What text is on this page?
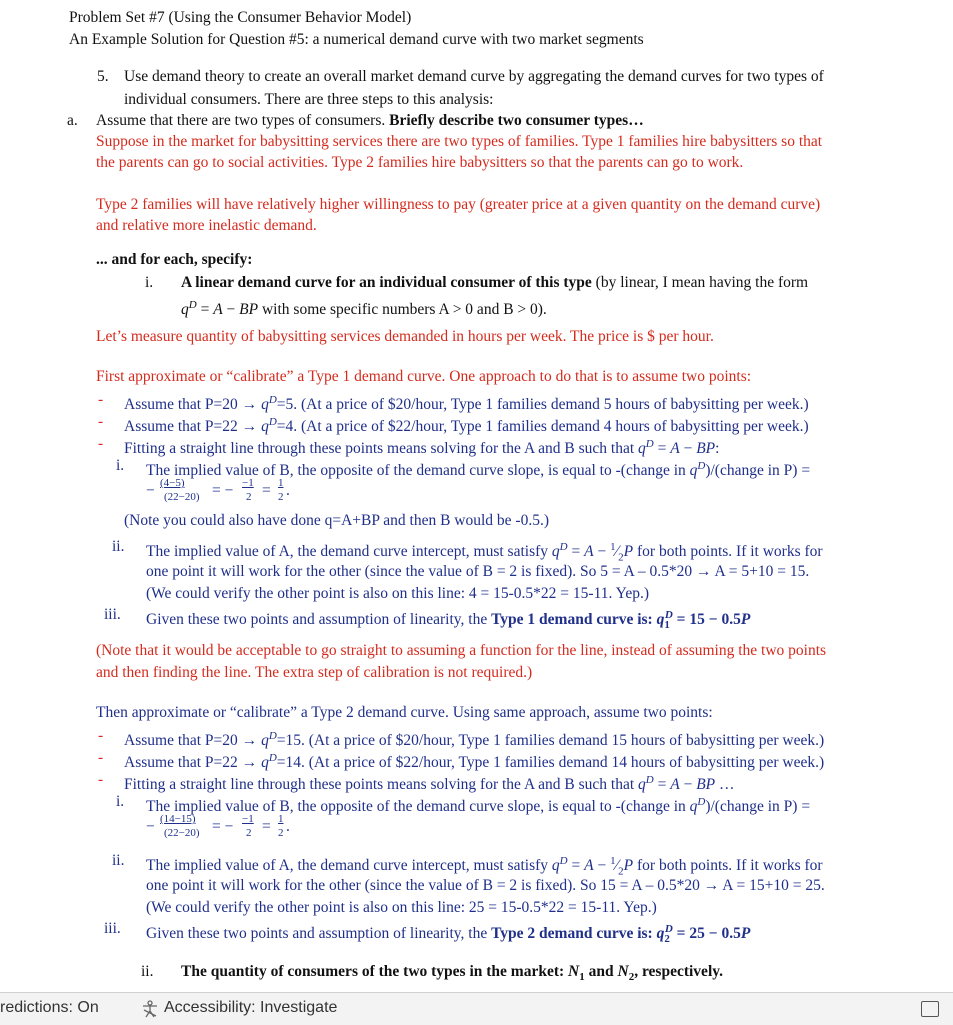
Problem Set #7 (Using the Consumer Behavior Model)
An Example Solution for Question #5: a numerical demand curve with two market segments
5. Use demand theory to create an overall market demand curve by aggregating the demand curves for two types of
individual consumers. There are three steps to this analysis:
a. Assume that there are two types of consumers. Briefly describe two consumer types…
Suppose in the market for babysitting services there are two types of families. Type 1 families hire babysitters so that
the parents can go to social activities. Type 2 families hire babysitters so that the parents can go to work.
Type 2 families will have relatively higher willingness to pay (greater price at a given quantity on the demand curve)
and relative more inelastic demand.
... and for each, specify:
i. A linear demand curve for an individual consumer of this type (by linear, I mean having the form
$q^D = A$ − BP with some specific numbers A > 0 and B > 0).
Let’s measure quantity of babysitting services demanded in hours per week. The price is $ per hour.
First approximate or “calibrate” a Type 1 demand curve. One approach to do that is to assume two points:
- Assume that $P=20 \to q^D=5$. (At a price of $20/hour, Type 1 families demand 5 hours of babysitting per week.)
- Assume that $P=22 \to q^D=4$. (At a price of $22/hour, Type 1 families demand 4 hours of babysitting per week.)
- Fitting a straight line through these points means solving for the A and B such that $q^D = A$ − BP:
i. The implied value of B, the opposite of the demand curve slope, is equal to -(change in $q^D)/(change$ in P) =
− (4−5)
(22−20) = − −1
2 = 1
2 .
(Note you could also have done q=A+BP and then B would be -0.5.)
ii. The implied value of A, the demand curve intercept, must satisfy $q^D = A$ − $^1⁄_2P$ for both points. If it works for
one point it will work for the other (since the value of B = 2 is fixed). So 5 = A – 0.5*20 → A = 5+10 = 15.
(We could verify the other point is also on this line: 4 = 15-0.5*22 = 15-11. Yep.)
iii. Given these two points and assumption of linearity, the Type 1 demand curve is: $q_1^D = 15 - 0.5P$
(Note that it would be acceptable to go straight to assuming a function for the line, instead of assuming the two points
and then finding the line. The extra step of calibration is not required.)
Then approximate or “calibrate” a Type 2 demand curve. Using same approach, assume two points:
- Assume that $P=20 \to q^D=15$. (At a price of $20/hour, Type 1 families demand 15 hours of babysitting per week.)
- Assume that $P=22 \to q^D=14$. (At a price of $22/hour, Type 1 families demand 14 hours of babysitting per week.)
- Fitting a straight line through these points means solving for the A and B such that $q^D = A$ − BP …
i. The implied value of B, the opposite of the demand curve slope, is equal to -(change in $q^D)/(change$ in P) =
− (14−15)
(22−20) = − −1
2 = 1
2 .
ii. The implied value of A, the demand curve intercept, must satisfy $q^D = A$ − $^1⁄_2P$ for both points. If it works for
one point it will work for the other (since the value of B = 2 is fixed). So 15 = A – 0.5*20 → A = 15+10 = 25.
(We could verify the other point is also on this line: 25 = 15-0.5*22 = 15-11. Yep.)
iii. Given these two points and assumption of linearity, the Type 2 demand curve is: $q_2^D = 25 - 0.5P$
ii. The quantity of consumers of the two types in the market: $N_1$ and $N_2$, respectively.
redictions: On	Accessibility: Investigate
